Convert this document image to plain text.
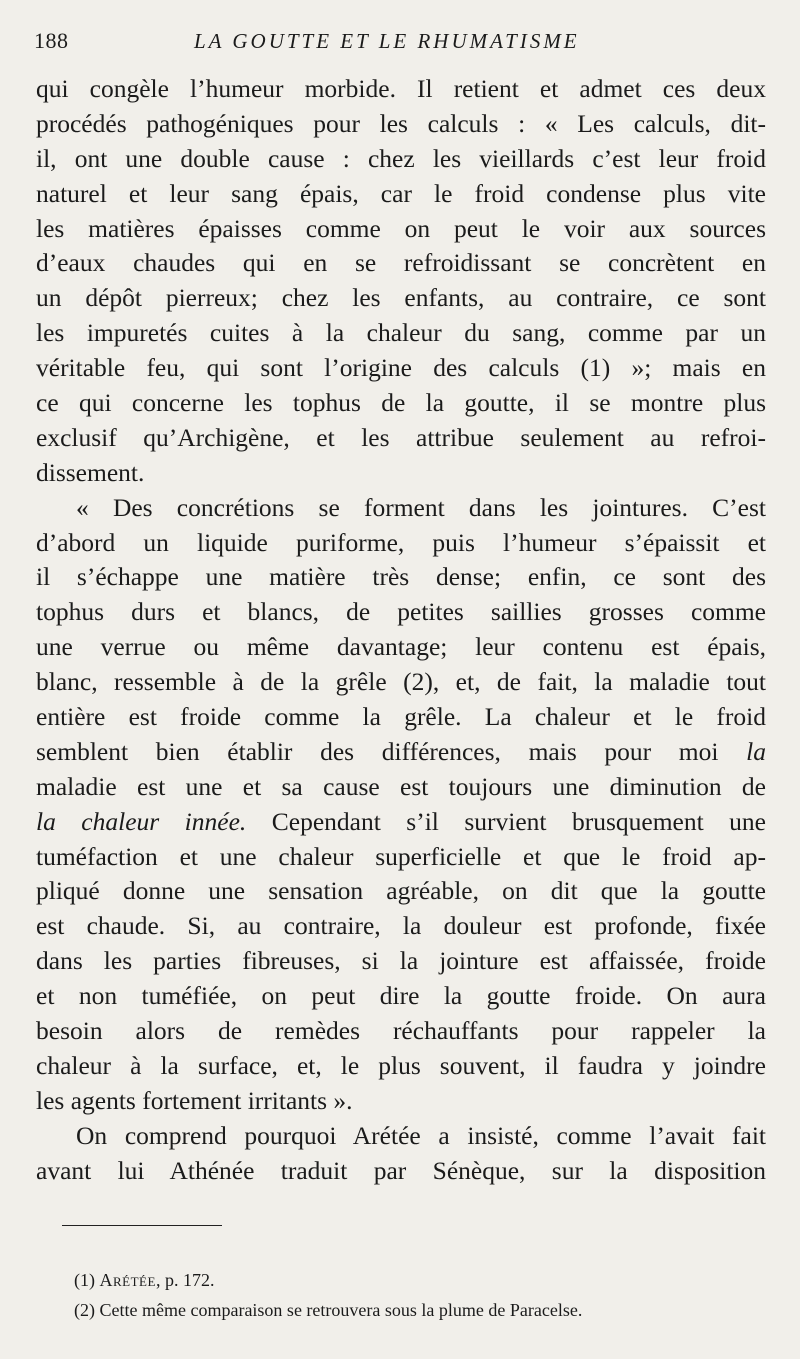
188	LA GOUTTE ET LE RHUMATISME
qui congèle l’humeur morbide. Il retient et admet ces deux
procédés pathogéniques pour les calculs : « Les calculs, dit-
il, ont une double cause : chez les vieillards c’est leur froid
naturel et leur sang épais, car le froid condense plus vite
les matières épaisses comme on peut le voir aux sources
d’eaux chaudes qui en se refroidissant se concrètent en
un dépôt pierreux; chez les enfants, au contraire, ce sont
les impuretés cuites à la chaleur du sang, comme par un
véritable feu, qui sont l’origine des calculs (1) »; mais en
ce qui concerne les tophus de la goutte, il se montre plus
exclusif qu’Archigène, et les attribue seulement au refroi-
dissement.
« Des concrétions se forment dans les jointures. C’est
d’abord un liquide puriforme, puis l’humeur s’épaissit et
il s’échappe une matière très dense; enfin, ce sont des
tophus durs et blancs, de petites saillies grosses comme
une verrue ou même davantage; leur contenu est épais,
blanc, ressemble à de la grêle (2), et, de fait, la maladie tout
entière est froide comme la grêle. La chaleur et le froid
semblent bien établir des différences, mais pour moi la
maladie est une et sa cause est toujours une diminution de
la chaleur innée. Cependant s’il survient brusquement une
tuméfaction et une chaleur superficielle et que le froid ap-
pliqué donne une sensation agréable, on dit que la goutte
est chaude. Si, au contraire, la douleur est profonde, fixée
dans les parties fibreuses, si la jointure est affaissée, froide
et non tuméfiée, on peut dire la goutte froide. On aura
besoin alors de remèdes réchauffants pour rappeler la
chaleur à la surface, et, le plus souvent, il faudra y joindre
les agents fortement irritants ».
On comprend pourquoi Arétée a insisté, comme l’avait fait
avant lui Athénée traduit par Sénèque, sur la disposition
(1) Arétée, p. 172.
(2) Cette même comparaison se retrouvera sous la plume de Paracelse.
